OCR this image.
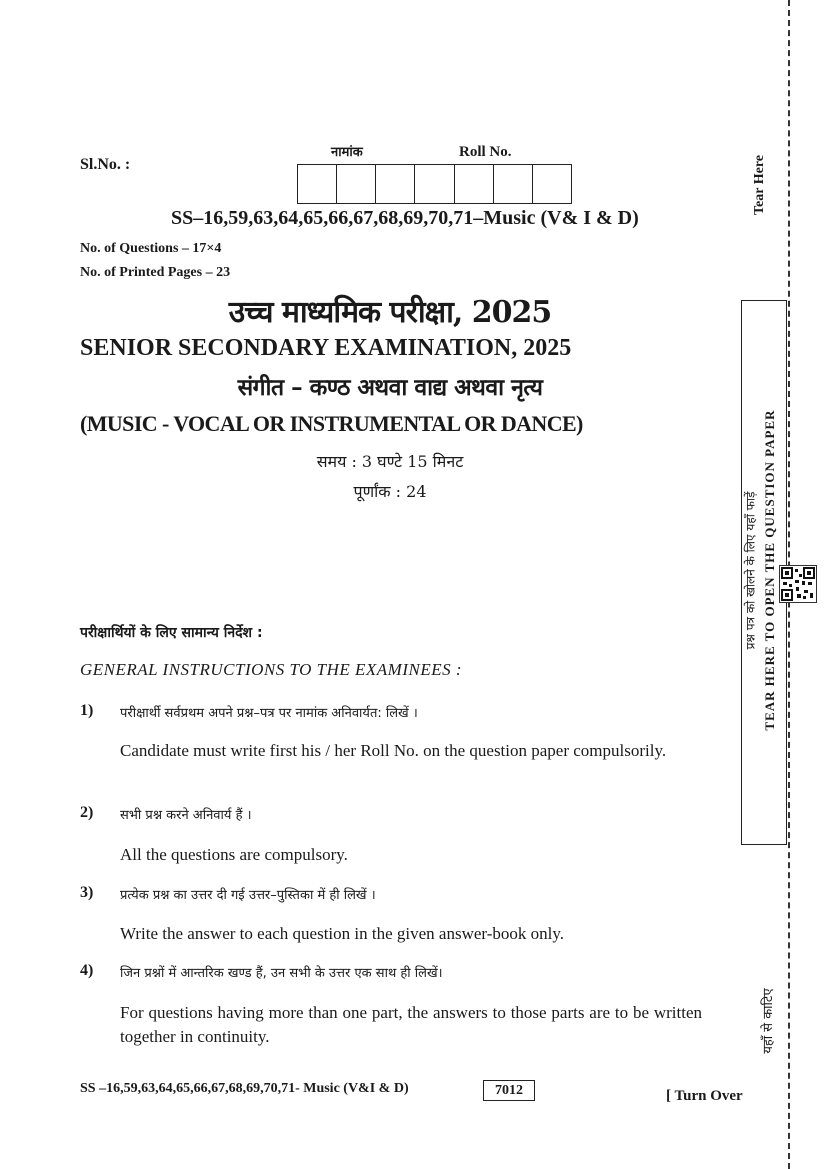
Sl.No. :
नामांक	Roll No.
SS–16,59,63,64,65,66,67,68,69,70,71–Music (V& I & D)
No. of Questions – 17×4
No. of Printed Pages – 23
उच्च माध्यमिक परीक्षा, 2025
SENIOR SECONDARY EXAMINATION, 2025
संगीत – कण्ठ अथवा वाद्य अथवा नृत्य
(MUSIC - VOCAL OR INSTRUMENTAL OR DANCE)
समय : 3 घण्टे 15 मिनट
पूर्णांक : 24
परीक्षार्थियों के लिए सामान्य निर्देश :
GENERAL INSTRUCTIONS TO THE EXAMINEES :
1) परीक्षार्थी सर्वप्रथम अपने प्रश्न–पत्र पर नामांक अनिवार्यत: लिखें ।
Candidate must write first his / her Roll No. on the question paper compulsorily.
2) सभी प्रश्न करने अनिवार्य हैं ।
All the questions are compulsory.
3) प्रत्येक प्रश्न का उत्तर दी गई उत्तर–पुस्तिका में ही लिखें ।
Write the answer to each question in the given answer-book only.
4) जिन प्रश्नों में आन्तरिक खण्ड हैं, उन सभी के उत्तर एक साथ ही लिखें।
For questions having more than one part, the answers to those parts are to be written together in continuity.
SS –16,59,63,64,65,66,67,68,69,70,71- Music (V&I & D)	7012	[ Turn Over
Tear Here
प्रश्न पत्र को खोलने के लिए यहाँ फाड़ें TEAR HERE TO OPEN THE QUESTION PAPER
यहाँ से काटिए
